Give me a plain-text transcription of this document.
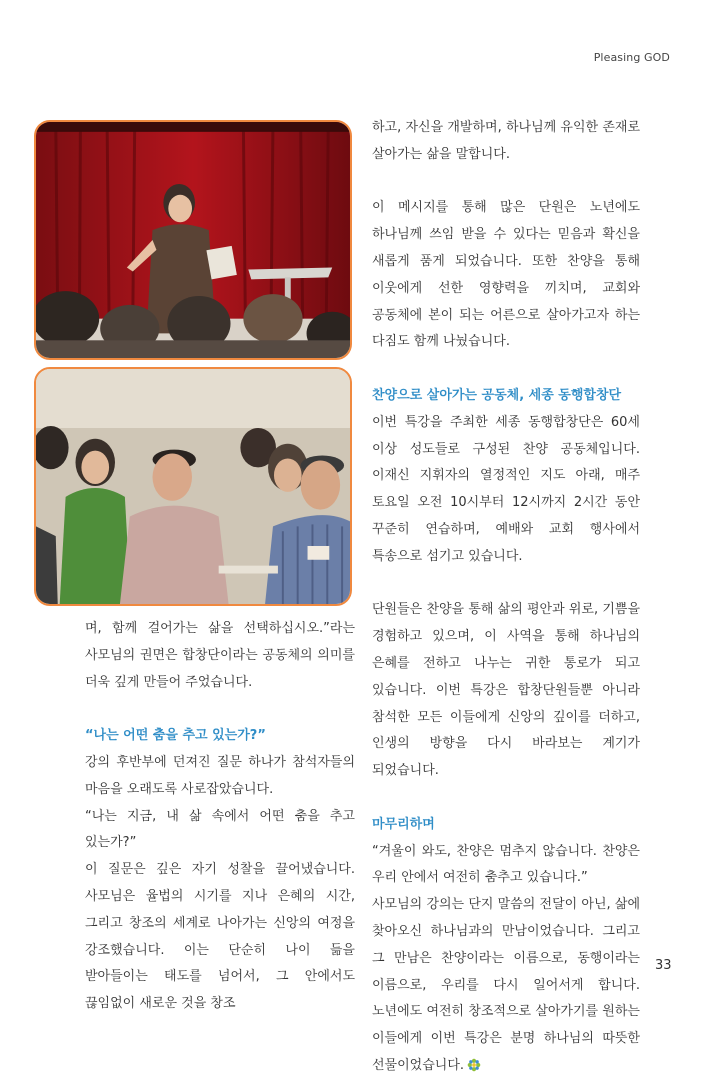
Pleasing GOD

며, 함께 걸어가는 삶을 선택하십시오.”라는 사모님의 권면은 합창단이라는 공동체의 의미를 더욱 깊게 만들어 주었습니다.

“나는 어떤 춤을 추고 있는가?”

강의 후반부에 던져진 질문 하나가 참석자들의 마음을 오래도록 사로잡았습니다.

“나는 지금, 내 삶 속에서 어떤 춤을 추고 있는가?”

이 질문은 깊은 자기 성찰을 끌어냈습니다. 사모님은 율법의 시기를 지나 은혜의 시간, 그리고 창조의 세계로 나아가는 신앙의 여정을 강조했습니다. 이는 단순히 나이 듦을 받아들이는 태도를 넘어서, 그 안에서도 끊임없이 새로운 것을 창조

하고, 자신을 개발하며, 하나님께 유익한 존재로 살아가는 삶을 말합니다.

이 메시지를 통해 많은 단원은 노년에도 하나님께 쓰임 받을 수 있다는 믿음과 확신을 새롭게 품게 되었습니다. 또한 찬양을 통해 이웃에게 선한 영향력을 끼치며, 교회와 공동체에 본이 되는 어른으로 살아가고자 하는 다짐도 함께 나눴습니다.

찬양으로 살아가는 공동체, 세종 동행합창단

이번 특강을 주최한 세종 동행합창단은 60세 이상 성도들로 구성된 찬양 공동체입니다. 이재신 지휘자의 열정적인 지도 아래, 매주 토요일 오전 10시부터 12시까지 2시간 동안 꾸준히 연습하며, 예배와 교회 행사에서 특송으로 섬기고 있습니다.

단원들은 찬양을 통해 삶의 평안과 위로, 기쁨을 경험하고 있으며, 이 사역을 통해 하나님의 은혜를 전하고 나누는 귀한 통로가 되고 있습니다. 이번 특강은 합창단원들뿐 아니라 참석한 모든 이들에게 신앙의 깊이를 더하고, 인생의 방향을 다시 바라보는 계기가 되었습니다.

마무리하며

“겨울이 와도, 찬양은 멈추지 않습니다. 찬양은 우리 안에서 여전히 춤추고 있습니다.”

사모님의 강의는 단지 말씀의 전달이 아닌, 삶에 찾아오신 하나님과의 만남이었습니다. 그리고 그 만남은 찬양이라는 이름으로, 동행이라는 이름으로, 우리를 다시 일어서게 합니다. 노년에도 여전히 창조적으로 살아가기를 원하는 이들에게 이번 특강은 분명 하나님의 따뜻한 선물이었습니다.

33
